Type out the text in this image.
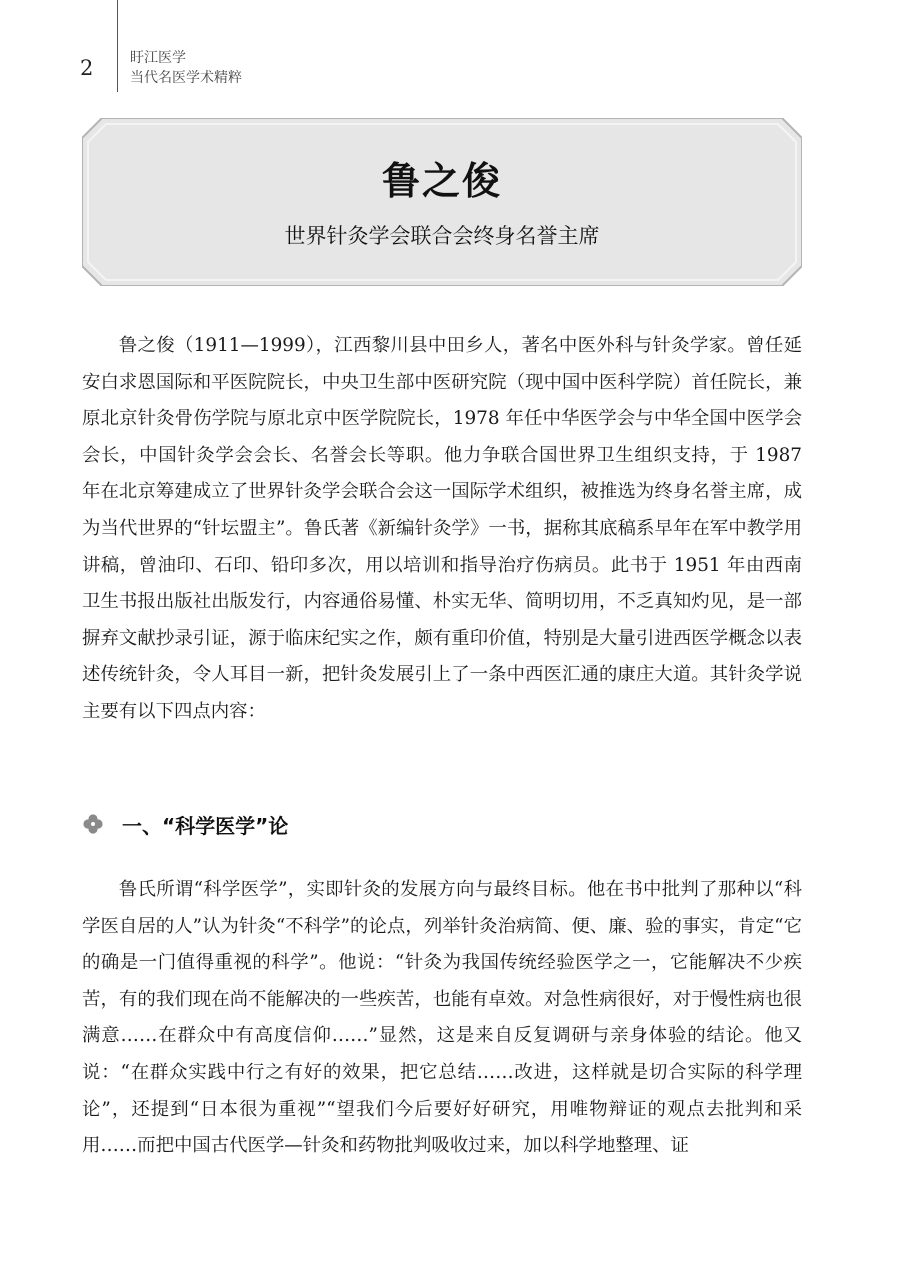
2	盱江医学
当代名医学术精粹
鲁之俊
世界针灸学会联合会终身名誉主席

鲁之俊（1911—1999），江西黎川县中田乡人，著名中医外科与针灸学家。曾任延安白求恩国际和平医院院长，中央卫生部中医研究院（现中国中医科学院）首任院长，兼原北京针灸骨伤学院与原北京中医学院院长，1978 年任中华医学会与中华全国中医学会会长，中国针灸学会会长、名誉会长等职。他力争联合国世界卫生组织支持，于 1987 年在北京筹建成立了世界针灸学会联合会这一国际学术组织，被推选为终身名誉主席，成为当代世界的“针坛盟主”。鲁氏著《新编针灸学》一书，据称其底稿系早年在军中教学用讲稿，曾油印、石印、铅印多次，用以培训和指导治疗伤病员。此书于 1951 年由西南卫生书报出版社出版发行，内容通俗易懂、朴实无华、简明切用，不乏真知灼见，是一部摒弃文献抄录引证，源于临床纪实之作，颇有重印价值，特别是大量引进西医学概念以表述传统针灸，令人耳目一新，把针灸发展引上了一条中西医汇通的康庄大道。其针灸学说主要有以下四点内容：

一、“科学医学”论

鲁氏所谓“科学医学”，实即针灸的发展方向与最终目标。他在书中批判了那种以“科学医自居的人”认为针灸“不科学”的论点，列举针灸治病简、便、廉、验的事实，肯定“它的确是一门值得重视的科学”。他说：“针灸为我国传统经验医学之一，它能解决不少疾苦，有的我们现在尚不能解决的一些疾苦，也能有卓效。对急性病很好，对于慢性病也很满意……在群众中有高度信仰……”显然，这是来自反复调研与亲身体验的结论。他又说：“在群众实践中行之有好的效果，把它总结……改进，这样就是切合实际的科学理论”，还提到“日本很为重视”“望我们今后要好好研究，用唯物辩证的观点去批判和采用……而把中国古代医学—针灸和药物批判吸收过来，加以科学地整理、证
